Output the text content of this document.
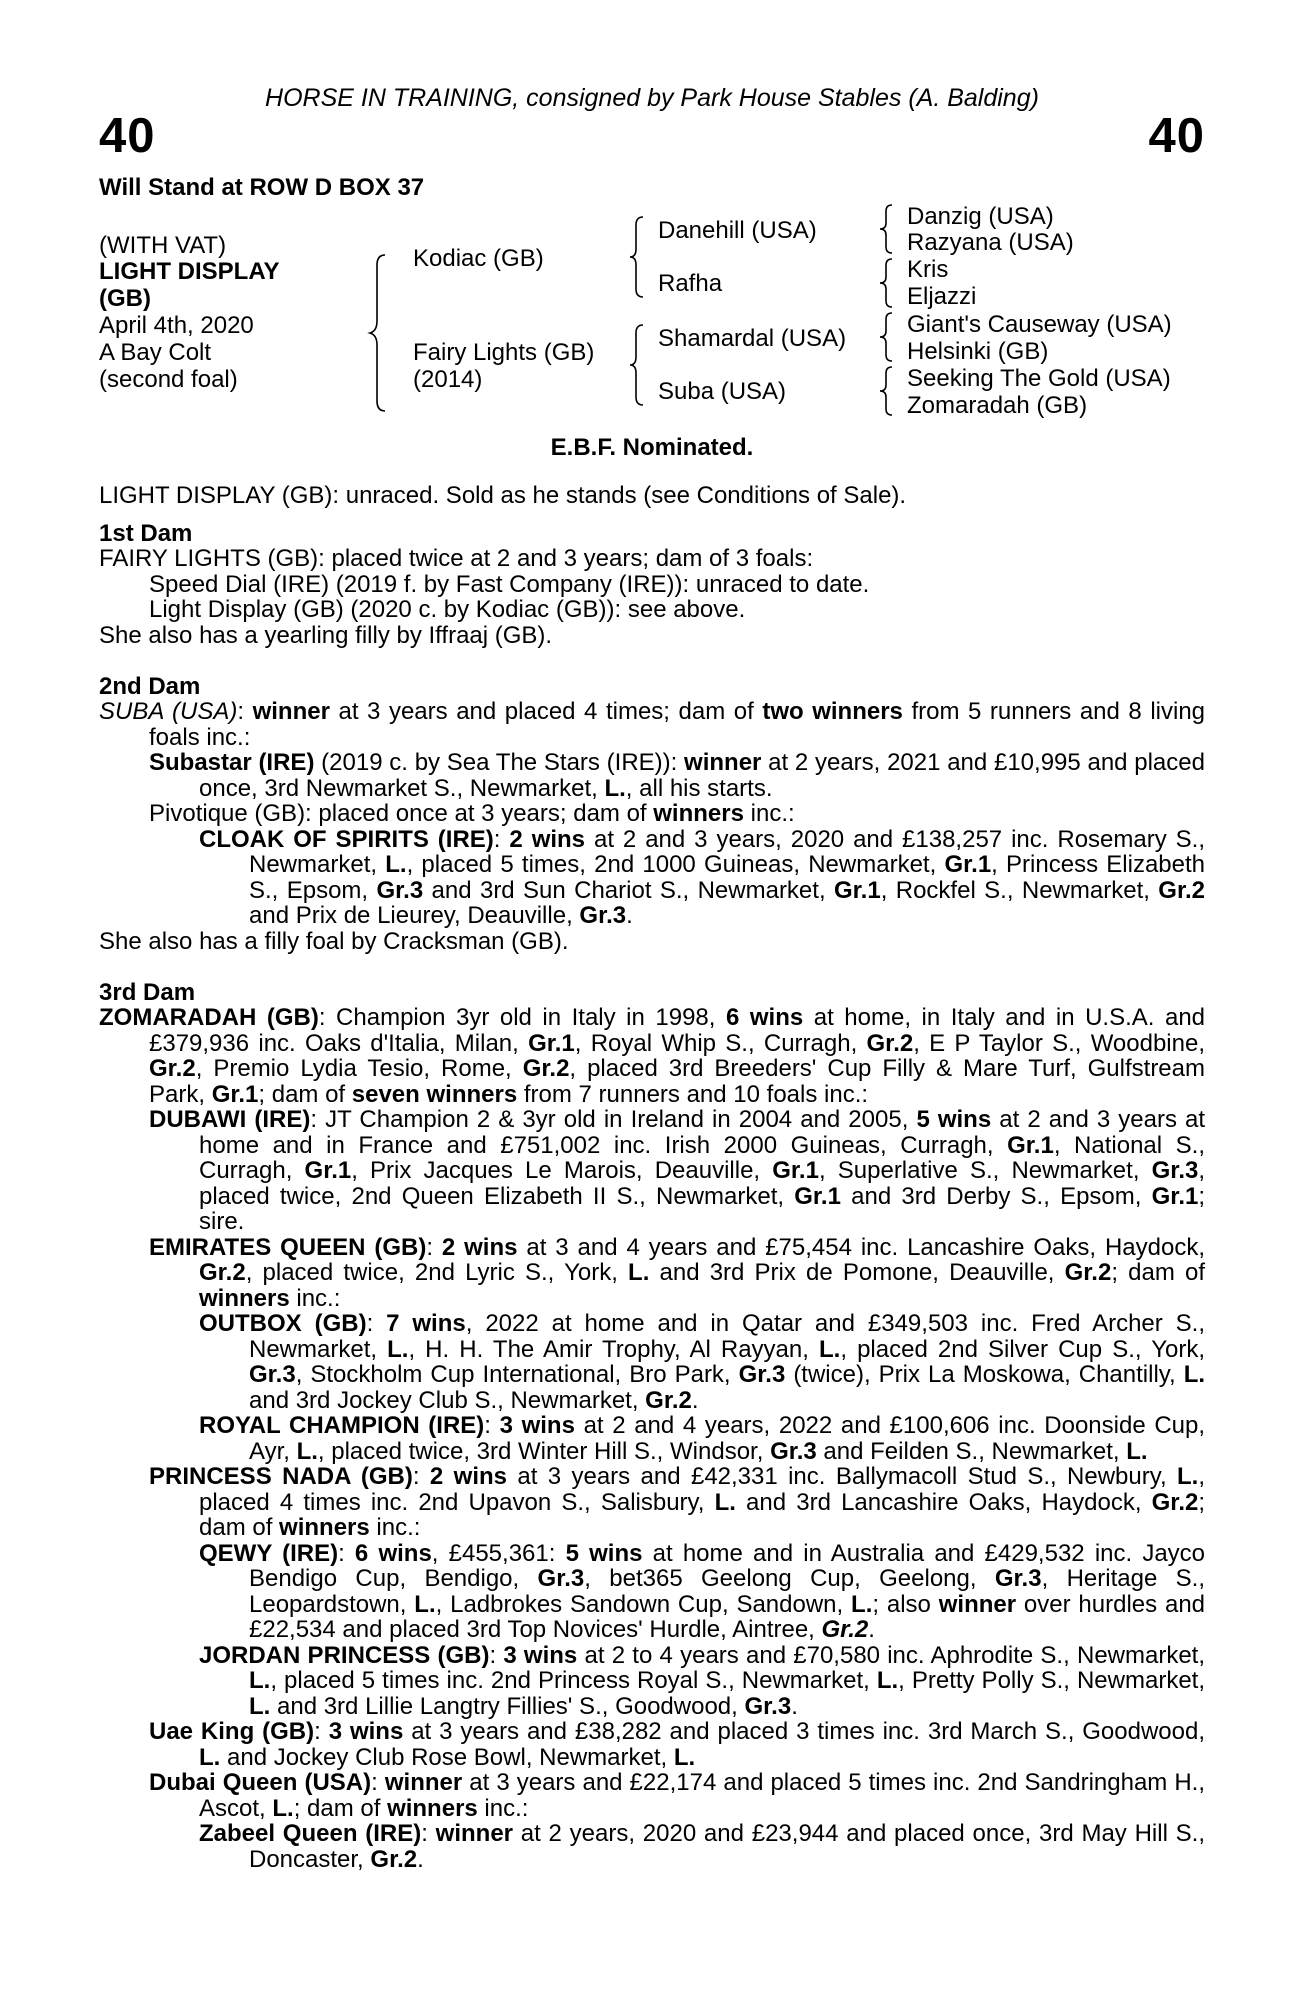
HORSE IN TRAINING, consigned by Park House Stables (A. Balding)
40	40
Will Stand at ROW D BOX 37
(WITH VAT)
LIGHT DISPLAY
(GB)
April 4th, 2020
A Bay Colt
(second foal)
Kodiac (GB)
Fairy Lights (GB)
(2014)
Danehill (USA)
Rafha
Shamardal (USA)
Suba (USA)
Danzig (USA)
Razyana (USA)
Kris
Eljazzi
Giant's Causeway (USA)
Helsinki (GB)
Seeking The Gold (USA)
Zomaradah (GB)
E.B.F. Nominated.

LIGHT DISPLAY (GB): unraced. Sold as he stands (see Conditions of Sale).

1st Dam

FAIRY LIGHTS (GB): placed twice at 2 and 3 years; dam of 3 foals:

Speed Dial (IRE) (2019 f. by Fast Company (IRE)): unraced to date.

Light Display (GB) (2020 c. by Kodiac (GB)): see above.

She also has a yearling filly by Iffraaj (GB).

2nd Dam

SUBA (USA): winner at 3 years and placed 4 times; dam of two winners from 5 runners and 8 living foals inc.:

Subastar (IRE) (2019 c. by Sea The Stars (IRE)): winner at 2 years, 2021 and £10,995 and placed once, 3rd Newmarket S., Newmarket, L., all his starts.

Pivotique (GB): placed once at 3 years; dam of winners inc.:

CLOAK OF SPIRITS (IRE): 2 wins at 2 and 3 years, 2020 and £138,257 inc. Rosemary S., Newmarket, L., placed 5 times, 2nd 1000 Guineas, Newmarket, Gr.1, Princess Elizabeth S., Epsom, Gr.3 and 3rd Sun Chariot S., Newmarket, Gr.1, Rockfel S., Newmarket, Gr.2 and Prix de Lieurey, Deauville, Gr.3.

She also has a filly foal by Cracksman (GB).

3rd Dam

ZOMARADAH (GB): Champion 3yr old in Italy in 1998, 6 wins at home, in Italy and in U.S.A. and £379,936 inc. Oaks d'Italia, Milan, Gr.1, Royal Whip S., Curragh, Gr.2, E P Taylor S., Woodbine, Gr.2, Premio Lydia Tesio, Rome, Gr.2, placed 3rd Breeders' Cup Filly & Mare Turf, Gulfstream Park, Gr.1; dam of seven winners from 7 runners and 10 foals inc.:

DUBAWI (IRE): JT Champion 2 & 3yr old in Ireland in 2004 and 2005, 5 wins at 2 and 3 years at home and in France and £751,002 inc. Irish 2000 Guineas, Curragh, Gr.1, National S., Curragh, Gr.1, Prix Jacques Le Marois, Deauville, Gr.1, Superlative S., Newmarket, Gr.3, placed twice, 2nd Queen Elizabeth II S., Newmarket, Gr.1 and 3rd Derby S., Epsom, Gr.1; sire.

EMIRATES QUEEN (GB): 2 wins at 3 and 4 years and £75,454 inc. Lancashire Oaks, Haydock, Gr.2, placed twice, 2nd Lyric S., York, L. and 3rd Prix de Pomone, Deauville, Gr.2; dam of winners inc.:

OUTBOX (GB): 7 wins, 2022 at home and in Qatar and £349,503 inc. Fred Archer S., Newmarket, L., H. H. The Amir Trophy, Al Rayyan, L., placed 2nd Silver Cup S., York, Gr.3, Stockholm Cup International, Bro Park, Gr.3 (twice), Prix La Moskowa, Chantilly, L. and 3rd Jockey Club S., Newmarket, Gr.2.

ROYAL CHAMPION (IRE): 3 wins at 2 and 4 years, 2022 and £100,606 inc. Doonside Cup, Ayr, L., placed twice, 3rd Winter Hill S., Windsor, Gr.3 and Feilden S., Newmarket, L.

PRINCESS NADA (GB): 2 wins at 3 years and £42,331 inc. Ballymacoll Stud S., Newbury, L., placed 4 times inc. 2nd Upavon S., Salisbury, L. and 3rd Lancashire Oaks, Haydock, Gr.2; dam of winners inc.:

QEWY (IRE): 6 wins, £455,361: 5 wins at home and in Australia and £429,532 inc. Jayco Bendigo Cup, Bendigo, Gr.3, bet365 Geelong Cup, Geelong, Gr.3, Heritage S., Leopardstown, L., Ladbrokes Sandown Cup, Sandown, L.; also winner over hurdles and £22,534 and placed 3rd Top Novices' Hurdle, Aintree, Gr.2.

JORDAN PRINCESS (GB): 3 wins at 2 to 4 years and £70,580 inc. Aphrodite S., Newmarket, L., placed 5 times inc. 2nd Princess Royal S., Newmarket, L., Pretty Polly S., Newmarket, L. and 3rd Lillie Langtry Fillies' S., Goodwood, Gr.3.

Uae King (GB): 3 wins at 3 years and £38,282 and placed 3 times inc. 3rd March S., Goodwood, L. and Jockey Club Rose Bowl, Newmarket, L.

Dubai Queen (USA): winner at 3 years and £22,174 and placed 5 times inc. 2nd Sandringham H., Ascot, L.; dam of winners inc.:

Zabeel Queen (IRE): winner at 2 years, 2020 and £23,944 and placed once, 3rd May Hill S., Doncaster, Gr.2.
